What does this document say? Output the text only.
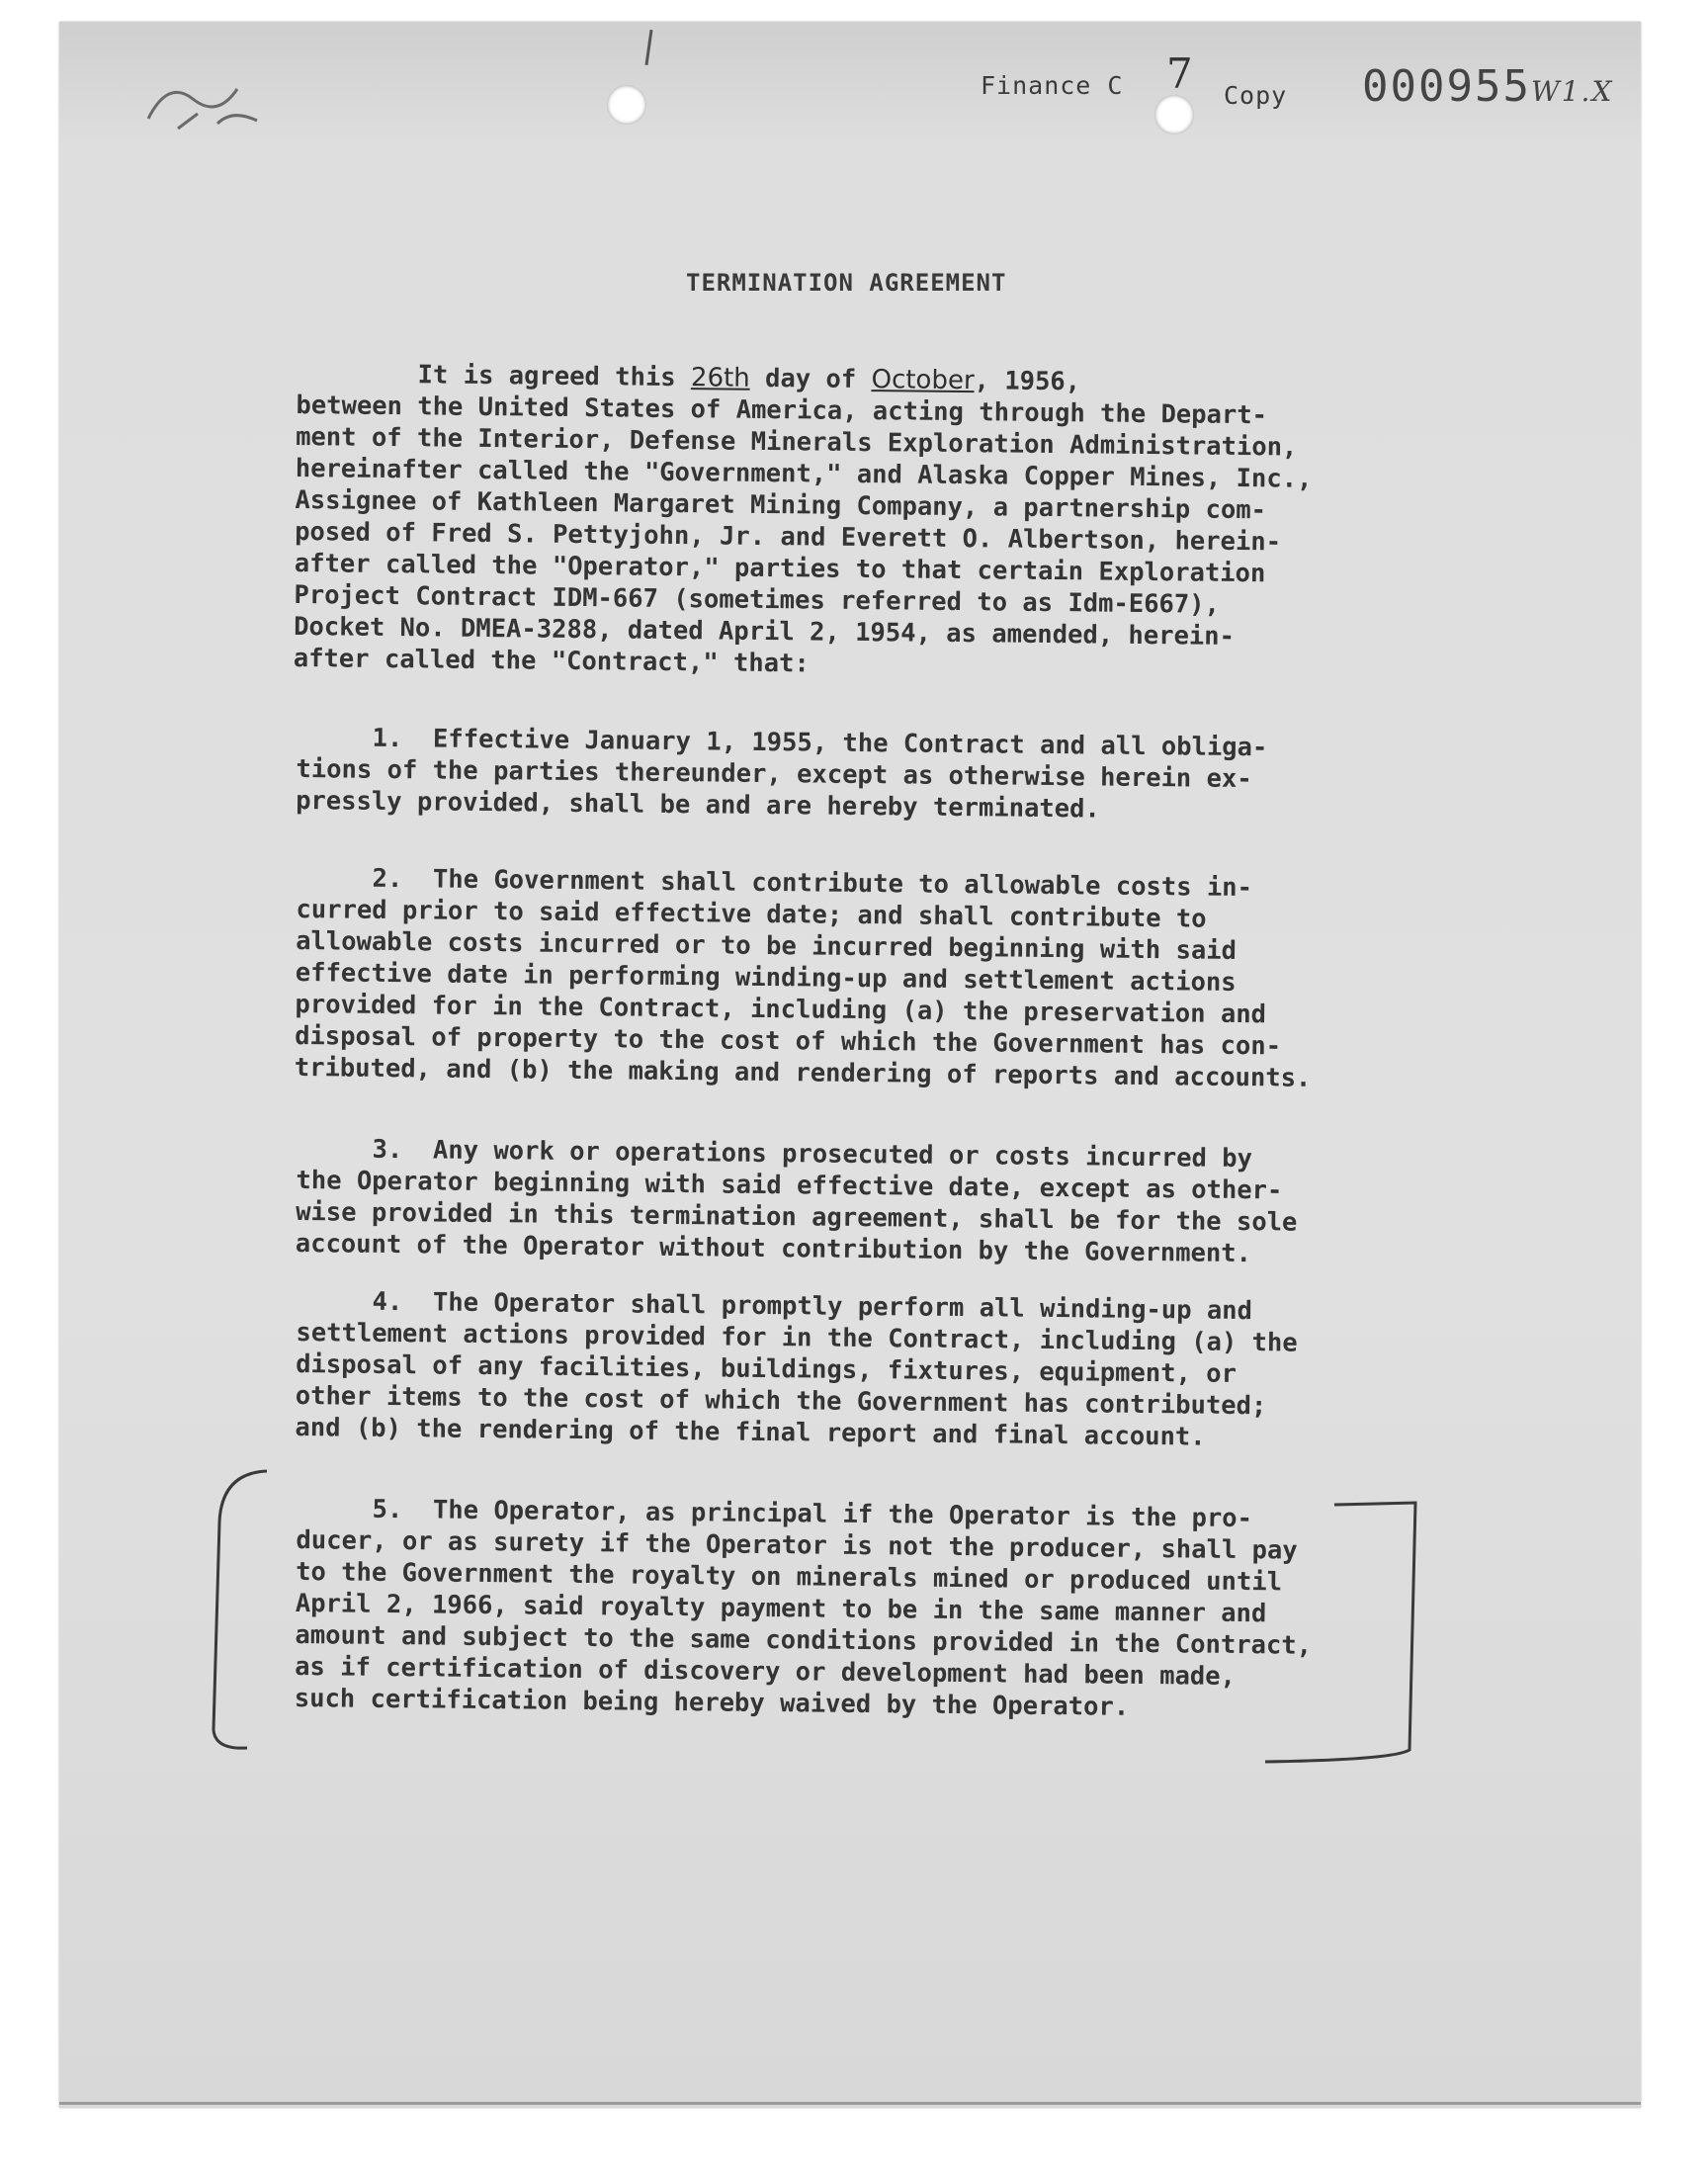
Finance C 7 Copy 000955W1.X
TERMINATION AGREEMENT
It is agreed this 26th day of October, 1956,
between the United States of America, acting through the Depart-
ment of the Interior, Defense Minerals Exploration Administration,
hereinafter called the "Government," and Alaska Copper Mines, Inc.,
Assignee of Kathleen Margaret Mining Company, a partnership com-
posed of Fred S. Pettyjohn, Jr. and Everett O. Albertson, herein-
after called the "Operator," parties to that certain Exploration
Project Contract IDM-667 (sometimes referred to as Idm-E667),
Docket No. DMEA-3288, dated April 2, 1954, as amended, herein-
after called the "Contract," that:
1.  Effective January 1, 1955, the Contract and all obliga-
tions of the parties thereunder, except as otherwise herein ex-
pressly provided, shall be and are hereby terminated.
2.  The Government shall contribute to allowable costs in-
curred prior to said effective date; and shall contribute to
allowable costs incurred or to be incurred beginning with said
effective date in performing winding-up and settlement actions
provided for in the Contract, including (a) the preservation and
disposal of property to the cost of which the Government has con-
tributed, and (b) the making and rendering of reports and accounts.
3.  Any work or operations prosecuted or costs incurred by
the Operator beginning with said effective date, except as other-
wise provided in this termination agreement, shall be for the sole
account of the Operator without contribution by the Government.
4.  The Operator shall promptly perform all winding-up and
settlement actions provided for in the Contract, including (a) the
disposal of any facilities, buildings, fixtures, equipment, or
other items to the cost of which the Government has contributed;
and (b) the rendering of the final report and final account.
5.  The Operator, as principal if the Operator is the pro-
ducer, or as surety if the Operator is not the producer, shall pay
to the Government the royalty on minerals mined or produced until
April 2, 1966, said royalty payment to be in the same manner and
amount and subject to the same conditions provided in the Contract,
as if certification of discovery or development had been made,
such certification being hereby waived by the Operator.
